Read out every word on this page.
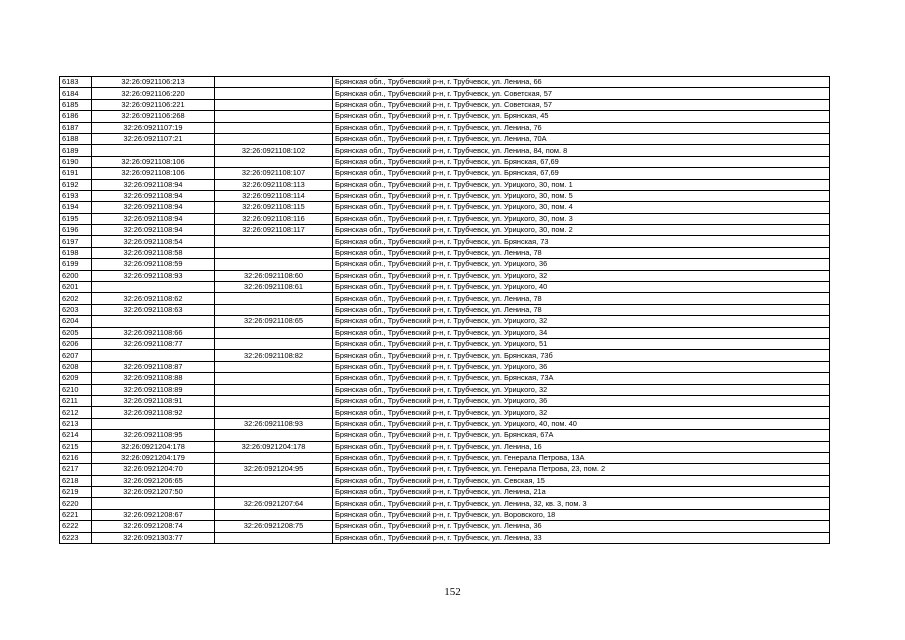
6183	32:26:0921106:213		Брянская обл., Трубчевский р-н, г. Трубчевск, ул. Ленина, 66
6184	32:26:0921106:220		Брянская обл., Трубчевский р-н, г. Трубчевск, ул. Советская, 57
6185	32:26:0921106:221		Брянская обл., Трубчевский р-н, г. Трубчевск, ул. Советская, 57
6186	32:26:0921106:268		Брянская обл., Трубчевский р-н, г. Трубчевск, ул. Брянская, 45
6187	32:26:0921107:19		Брянская обл., Трубчевский р-н, г. Трубчевск, ул. Ленина, 76
6188	32:26:0921107:21		Брянская обл., Трубчевский р-н, г. Трубчевск, ул. Ленина, 70А
6189		32:26:0921108:102	Брянская обл., Трубчевский р-н, г. Трубчевск, ул. Ленина, 84, пом. 8
6190	32:26:0921108:106		Брянская обл., Трубчевский р-н, г. Трубчевск, ул. Брянская, 67,69
6191	32:26:0921108:106	32:26:0921108:107	Брянская обл., Трубчевский р-н, г. Трубчевск, ул. Брянская, 67,69
6192	32:26:0921108:94	32:26:0921108:113	Брянская обл., Трубчевский р-н, г. Трубчевск, ул. Урицкого, 30, пом. 1
6193	32:26:0921108:94	32:26:0921108:114	Брянская обл., Трубчевский р-н, г. Трубчевск, ул. Урицкого, 30, пом. 5
6194	32:26:0921108:94	32:26:0921108:115	Брянская обл., Трубчевский р-н, г. Трубчевск, ул. Урицкого, 30, пом. 4
6195	32:26:0921108:94	32:26:0921108:116	Брянская обл., Трубчевский р-н, г. Трубчевск, ул. Урицкого, 30, пом. 3
6196	32:26:0921108:94	32:26:0921108:117	Брянская обл., Трубчевский р-н, г. Трубчевск, ул. Урицкого, 30, пом. 2
6197	32:26:0921108:54		Брянская обл., Трубчевский р-н, г. Трубчевск, ул. Брянская, 73
6198	32:26:0921108:58		Брянская обл., Трубчевский р-н, г. Трубчевск, ул. Ленина, 78
6199	32:26:0921108:59		Брянская обл., Трубчевский р-н, г. Трубчевск, ул. Урицкого, 36
6200	32:26:0921108:93	32:26:0921108:60	Брянская обл., Трубчевский р-н, г. Трубчевск, ул. Урицкого, 32
6201		32:26:0921108:61	Брянская обл., Трубчевский р-н, г. Трубчевск, ул. Урицкого, 40
6202	32:26:0921108:62		Брянская обл., Трубчевский р-н, г. Трубчевск, ул. Ленина, 78
6203	32:26:0921108:63		Брянская обл., Трубчевский р-н, г. Трубчевск, ул. Ленина, 78
6204		32:26:0921108:65	Брянская обл., Трубчевский р-н, г. Трубчевск, ул. Урицкого, 32
6205	32:26:0921108:66		Брянская обл., Трубчевский р-н, г. Трубчевск, ул. Урицкого, 34
6206	32:26:0921108:77		Брянская обл., Трубчевский р-н, г. Трубчевск, ул. Урицкого, 51
6207		32:26:0921108:82	Брянская обл., Трубчевский р-н, г. Трубчевск, ул. Брянская, 73б
6208	32:26:0921108:87		Брянская обл., Трубчевский р-н, г. Трубчевск, ул. Урицкого, 36
6209	32:26:0921108:88		Брянская обл., Трубчевский р-н, г. Трубчевск, ул. Брянская, 73А
6210	32:26:0921108:89		Брянская обл., Трубчевский р-н, г. Трубчевск, ул. Урицкого, 32
6211	32:26:0921108:91		Брянская обл., Трубчевский р-н, г. Трубчевск, ул. Урицкого, 36
6212	32:26:0921108:92		Брянская обл., Трубчевский р-н, г. Трубчевск, ул. Урицкого, 32
6213		32:26:0921108:93	Брянская обл., Трубчевский р-н, г. Трубчевск, ул. Урицкого, 40, пом. 40
6214	32:26:0921108:95		Брянская обл., Трубчевский р-н, г. Трубчевск, ул. Брянская, 67А
6215	32:26:0921204:178	32:26:0921204:178	Брянская обл., Трубчевский р-н, г. Трубчевск, ул. Ленина, 16
6216	32:26:0921204:179		Брянская обл., Трубчевский р-н, г. Трубчевск, ул. Генерала Петрова, 13А
6217	32:26:0921204:70	32:26:0921204:95	Брянская обл., Трубчевский р-н, г. Трубчевск, ул. Генерала Петрова, 23, пом. 2
6218	32:26:0921206:65		Брянская обл., Трубчевский р-н, г. Трубчевск, ул. Севская, 15
6219	32:26:0921207:50		Брянская обл., Трубчевский р-н, г. Трубчевск, ул. Ленина, 21а
6220		32:26:0921207:64	Брянская обл., Трубчевский р-н, г. Трубчевск, ул. Ленина, 32, кв. 3, пом. 3
6221	32:26:0921208:67		Брянская обл., Трубчевский р-н, г. Трубчевск, ул. Воровского, 18
6222	32:26:0921208:74	32:26:0921208:75	Брянская обл., Трубчевский р-н, г. Трубчевск, ул. Ленина, 36
6223	32:26:0921303:77		Брянская обл., Трубчевский р-н, г. Трубчевск, ул. Ленина, 33
152
